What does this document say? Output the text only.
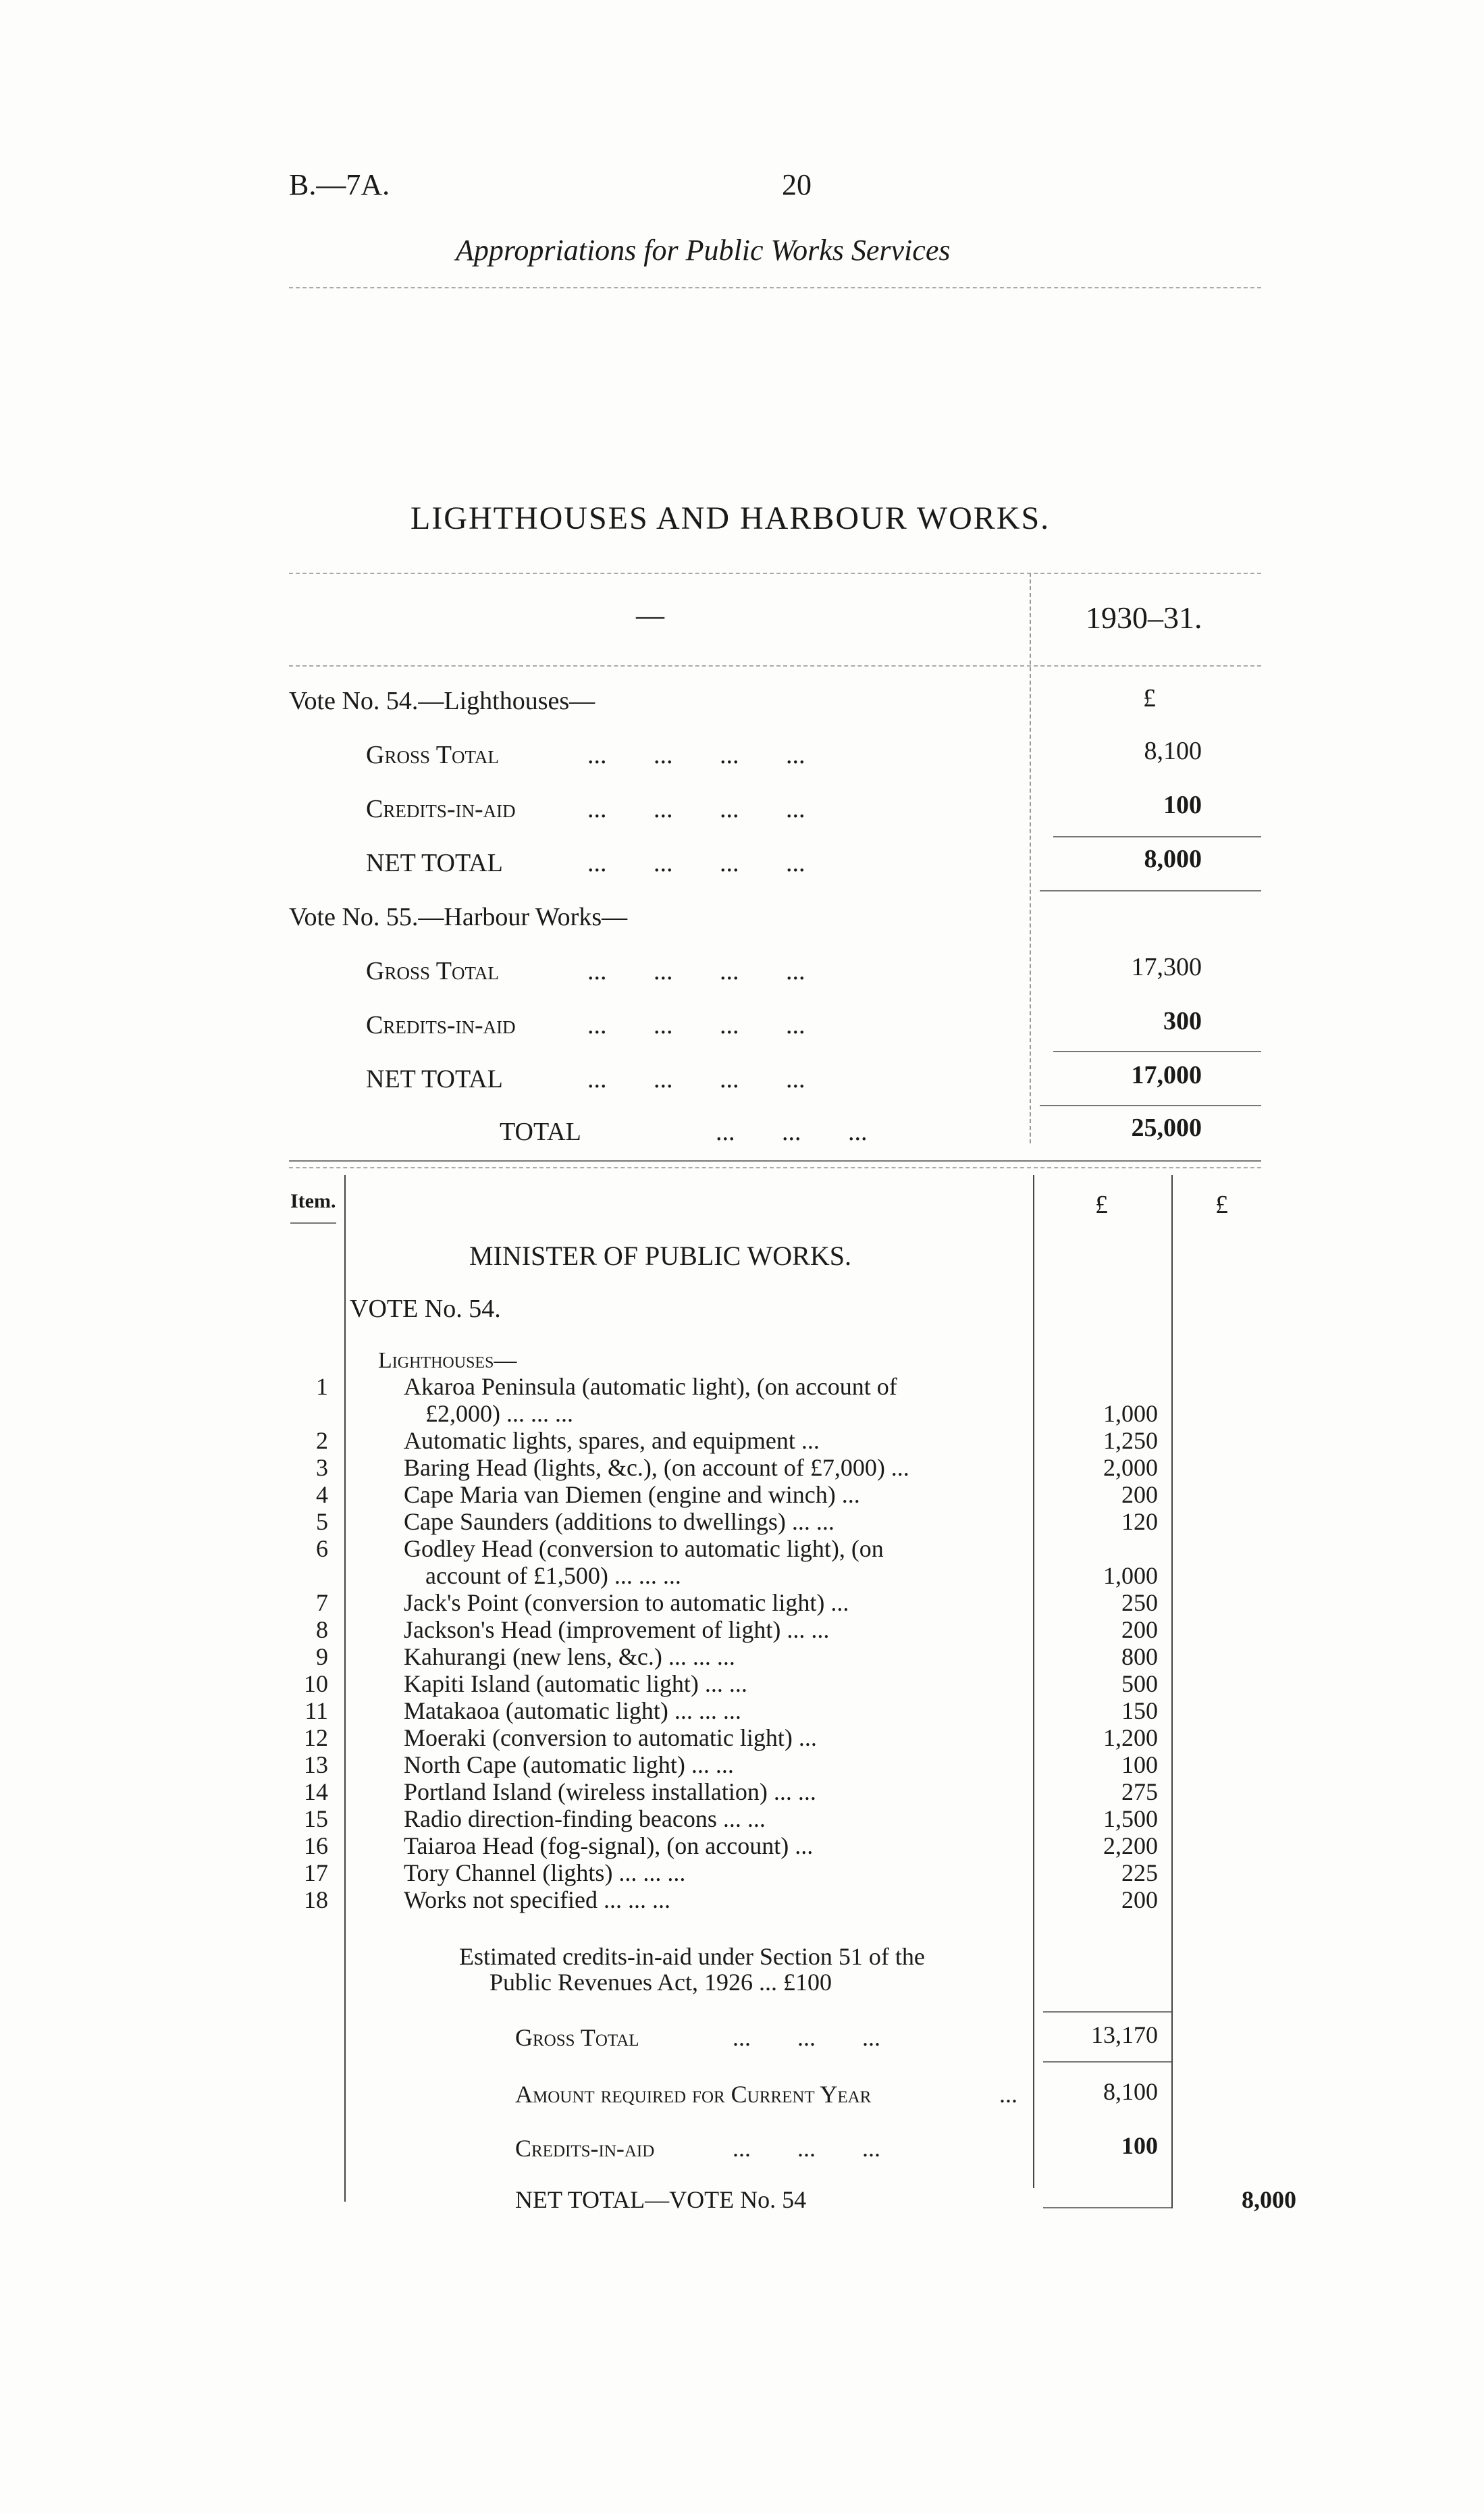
B.—7A.	20
Appropriations for Public Works Services
LIGHTHOUSES AND HARBOUR WORKS.
—	1930–31.
£
Vote No. 54.—Lighthouses—
Gross Total	... ... ... ...	8,100
Credits-in-aid	... ... ... ...	100
NET TOTAL	... ... ... ...	8,000
Vote No. 55.—Harbour Works—
Gross Total	... ... ... ...	17,300
Credits-in-aid	... ... ... ...	300
NET TOTAL	... ... ... ...	17,000
TOTAL	... ... ...	25,000
Item.	£	£
MINISTER OF PUBLIC WORKS.
VOTE No. 54.
Lighthouses—
1	Akaroa Peninsula (automatic light), (on account of
£2,000) ... ... ...	1,000
2	Automatic lights, spares, and equipment ...	1,250
3	Baring Head (lights, &c.), (on account of £7,000) ...	2,000
4	Cape Maria van Diemen (engine and winch) ...	200
5	Cape Saunders (additions to dwellings) ... ...	120
6	Godley Head (conversion to automatic light), (on
account of £1,500) ... ... ...	1,000
7	Jack's Point (conversion to automatic light) ...	250
8	Jackson's Head (improvement of light) ... ...	200
9	Kahurangi (new lens, &c.) ... ... ...	800
10	Kapiti Island (automatic light) ... ...	500
11	Matakaoa (automatic light) ... ... ...	150
12	Moeraki (conversion to automatic light) ...	1,200
13	North Cape (automatic light) ... ...	100
14	Portland Island (wireless installation) ... ...	275
15	Radio direction-finding beacons ... ...	1,500
16	Taiaroa Head (fog-signal), (on account) ...	2,200
17	Tory Channel (lights) ... ... ...	225
18	Works not specified ... ... ...	200
Estimated credits-in-aid under Section 51 of the
Public Revenues Act, 1926 ... £100
Gross Total	... ... ...	13,170
Amount required for Current Year	...	8,100
Credits-in-aid	... ... ...	100
NET TOTAL—VOTE No. 54	8,000
